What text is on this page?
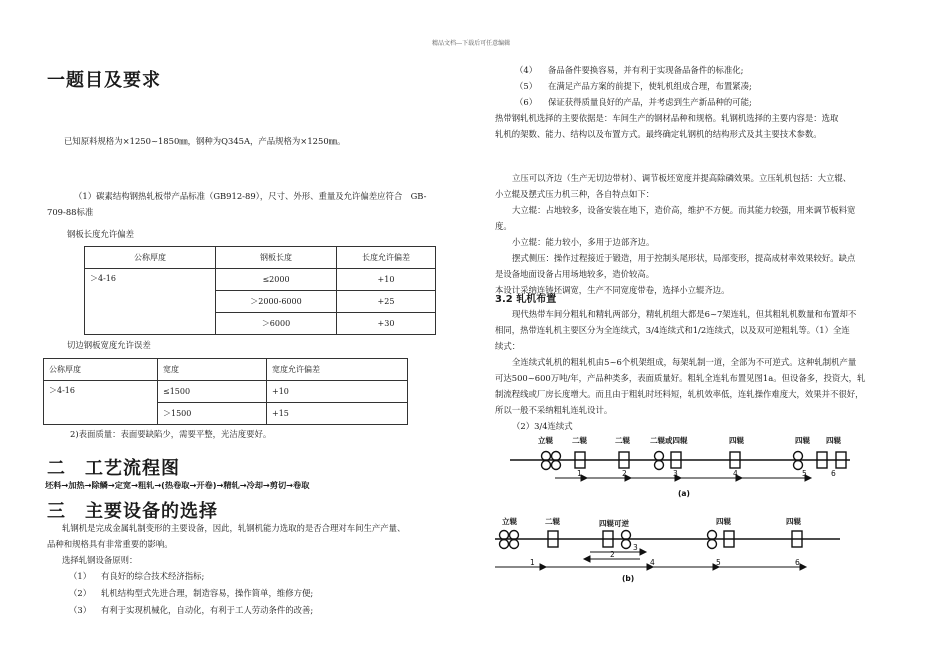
精品文档---下载后可任意编辑
一题目及要求
已知原料规格为×1250~1850㎜，钢种为Q345A，产品规格为×1250㎜。
（1）碳素结构钢热轧板带产品标准（GB912-89），尺寸、外形、重量及允许偏差应符合　GB-
709-88标准
钢板长度允许偏差
公称厚度	钢板长度	长度允许偏差
＞4-16	≤2000	+10
	＞2000-6000	+25
	＞6000	+30
切边钢板宽度允许误差
公称厚度	宽度	宽度允许偏差
＞4-16	≤1500	+10
	＞1500	+15
2)表面质量：表面要缺陷少，需要平整，光洁度要好。
二　工艺流程图
坯料→加热→除鳞→定宽→粗轧→(热卷取→开卷)→精轧→冷却→剪切→卷取
三　主要设备的选择
轧钢机是完成金属轧制变形的主要设备，因此，轧钢机能力选取的是否合理对车间生产产量、
品种和规格具有非常重要的影响。
选择轧钢设备原则：
（1） 有良好的综合技术经济指标;
（2） 轧机结构型式先进合理，制造容易，操作简单，维修方便;
（3） 有利于实现机械化，自动化，有利于工人劳动条件的改善;
（4） 备品备件要换容易，并有利于实现备品备件的标准化;
（5） 在满足产品方案的前提下，使轧机组成合理，布置紧凑;
（6） 保证获得质量良好的产品，并考虑到生产新品种的可能;
热带钢轧机选择的主要依据是：车间生产的钢材品种和规格。轧钢机选择的主要内容是：选取
轧机的架数、能力、结构以及布置方式。最终确定轧钢机的结构形式及其主要技术参数。
立压可以齐边（生产无切边带材）、调节板坯宽度并提高除磷效果。立压轧机包括：大立辊、
小立辊及摆式压力机三种，各自特点如下：
大立辊：占地较多，设备安装在地下，造价高，维护不方便。而其能力较强，用来调节板料宽
度。
小立辊：能力较小，多用于边部齐边。
摆式侧压：操作过程接近于锻造，用于控制头尾形状，局部变形，提高成材率效果较好。缺点
是设备地面设备占用场地较多，造价较高。
本设计采纳连铸坯调宽，生产不同宽度带卷，选择小立辊齐边。
3.2 轧机布置
现代热带车间分粗轧和精轧两部分，精轧机组大都是6~7架连轧，但其粗轧机数量和布置却不
相同，热带连轧机主要区分为全连续式，3/4连续式和1/2连续式，以及双可逆粗轧等。（1）全连
续式：
全连续式轧机的粗轧机由5~6个机架组成，每架轧制一道，全部为不可逆式。这种轧制机产量
可达500~600万吨/年，产品种类多，表面质量好。粗轧全连轧布置见图1a。但设备多，投资大，轧
制流程线或厂房长度增大。而且由于粗轧时坯料短，轧机效率低，连轧操作难度大，效果并不很好，
所以一般不采纳粗轧连轧设计。
（2）3/4连续式
立辊	二辊	二辊	二辊或四辊	四辊	四辊 四辊
1	2	3	4	5	6
(a)
立辊	二辊	四辊可逆	四辊	四辊
1
3
2
4	5	6
(b)
